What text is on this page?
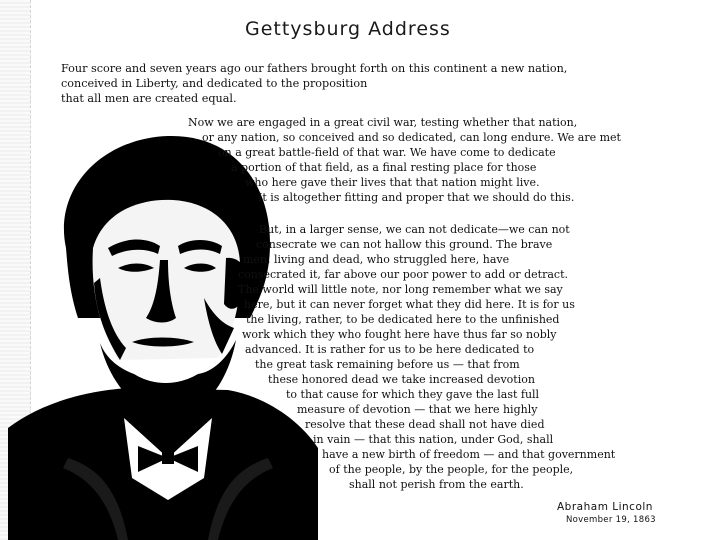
Gettysburg Address
Four score and seven years ago our fathers brought forth on this continent a new nation,
conceived in Liberty, and dedicated to the proposition
that all men are created equal.
Now we are engaged in a great civil war, testing whether that nation,
or any nation, so conceived and so dedicated, can long endure. We are met
on a great battle-field of that war. We have come to dedicate
a portion of that field, as a final resting place for those
who here gave their lives that that nation might live.
It is altogether fitting and proper that we should do this.
But, in a larger sense, we can not dedicate—we can not
consecrate we can not hallow this ground. The brave
men, living and dead, who struggled here, have
consecrated it, far above our poor power to add or detract.
The world will little note, nor long remember what we say
here, but it can never forget what they did here. It is for us
the living, rather, to be dedicated here to the unfinished
work which they who fought here have thus far so nobly
advanced. It is rather for us to be here dedicated to
the great task remaining before us — that from
these honored dead we take increased devotion
to that cause for which they gave the last full
measure of devotion — that we here highly
resolve that these dead shall not have died
in vain — that this nation, under God, shall
have a new birth of freedom — and that government
of the people, by the people, for the people,
shall not perish from the earth.
Abraham Lincoln
November 19, 1863
